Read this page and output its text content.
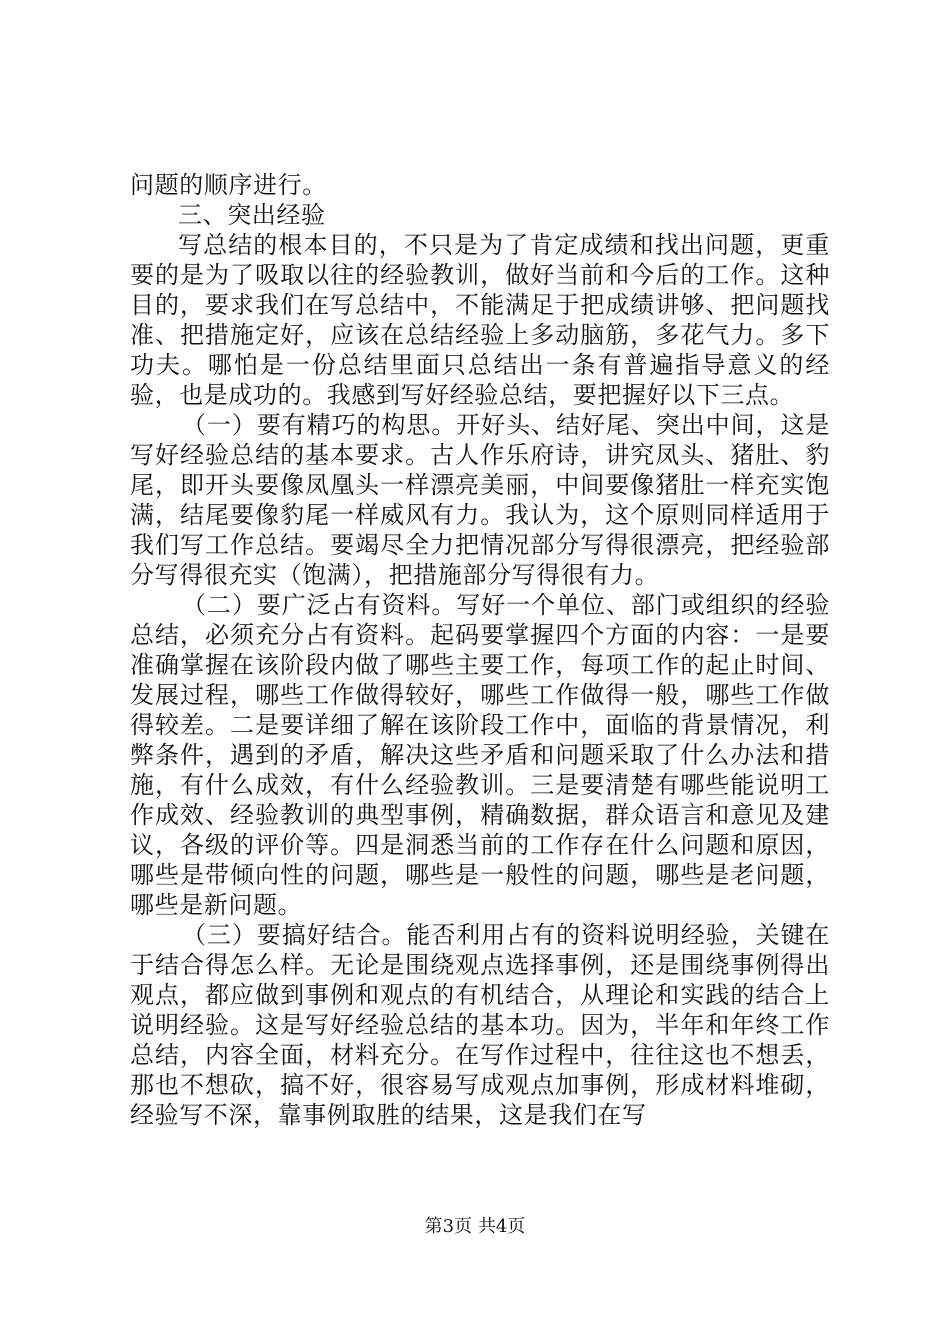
问题的顺序进行。

三、突出经验

写总结的根本目的，不只是为了肯定成绩和找出问题，更重要的是为了吸取以往的经验教训，做好当前和今后的工作。这种目的，要求我们在写总结中，不能满足于把成绩讲够、把问题找准、把措施定好，应该在总结经验上多动脑筋，多花气力。多下功夫。哪怕是一份总结里面只总结出一条有普遍指导意义的经验，也是成功的。我感到写好经验总结，要把握好以下三点。

（一）要有精巧的构思。开好头、结好尾、突出中间，这是写好经验总结的基本要求。古人作乐府诗，讲究凤头、猪肚、豹尾，即开头要像凤凰头一样漂亮美丽，中间要像猪肚一样充实饱满，结尾要像豹尾一样威风有力。我认为，这个原则同样适用于我们写工作总结。要竭尽全力把情况部分写得很漂亮，把经验部分写得很充实（饱满），把措施部分写得很有力。

（二）要广泛占有资料。写好一个单位、部门或组织的经验总结，必须充分占有资料。起码要掌握四个方面的内容：一是要准确掌握在该阶段内做了哪些主要工作，每项工作的起止时间、发展过程，哪些工作做得较好，哪些工作做得一般，哪些工作做得较差。二是要详细了解在该阶段工作中，面临的背景情况，利弊条件，遇到的矛盾，解决这些矛盾和问题采取了什么办法和措施，有什么成效，有什么经验教训。三是要清楚有哪些能说明工作成效、经验教训的典型事例，精确数据，群众语言和意见及建议，各级的评价等。四是洞悉当前的工作存在什么问题和原因，哪些是带倾向性的问题，哪些是一般性的问题，哪些是老问题，哪些是新问题。

（三）要搞好结合。能否利用占有的资料说明经验，关键在于结合得怎么样。无论是围绕观点选择事例，还是围绕事例得出观点，都应做到事例和观点的有机结合，从理论和实践的结合上说明经验。这是写好经验总结的基本功。因为，半年和年终工作总结，内容全面，材料充分。在写作过程中，往往这也不想丢，那也不想砍，搞不好，很容易写成观点加事例，形成材料堆砌，经验写不深，靠事例取胜的结果，这是我们在写

第3页 共4页
